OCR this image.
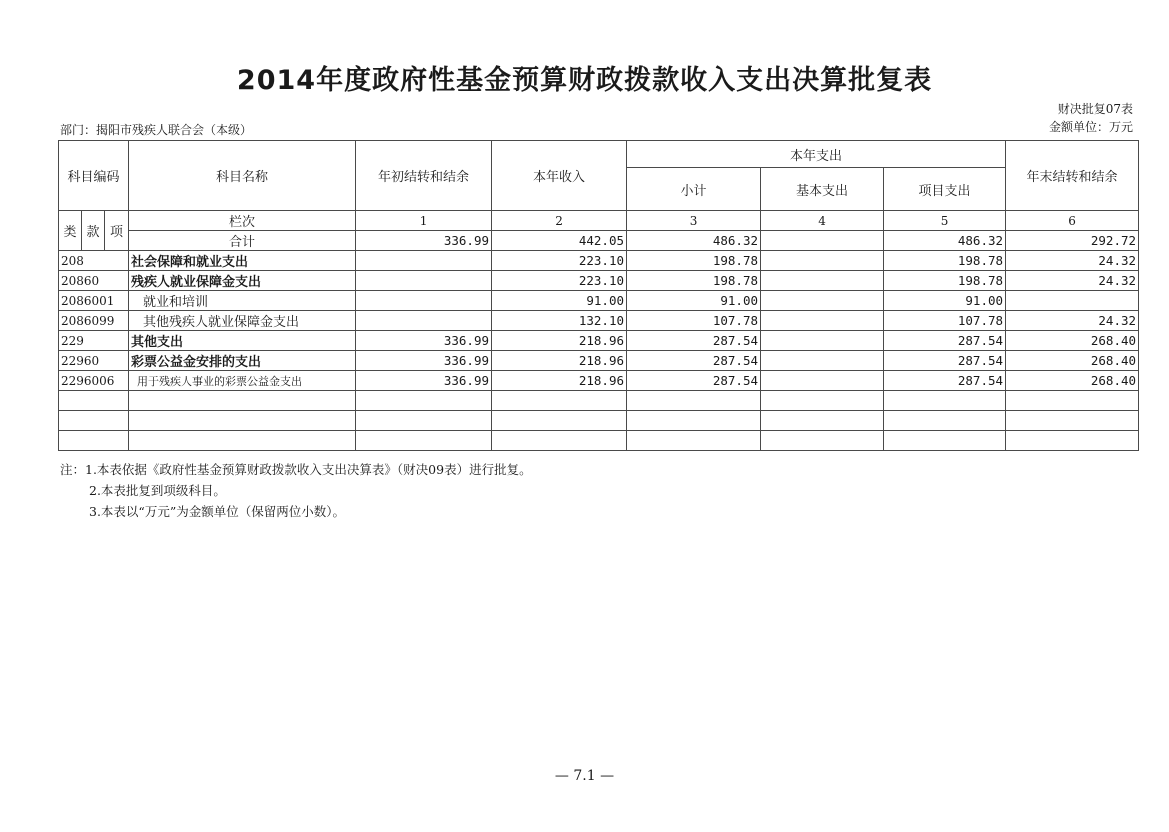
2014年度政府性基金预算财政拨款收入支出决算批复表
财决批复07表
金额单位：万元
部门：揭阳市残疾人联合会（本级）
科目编码			科目名称	年初结转和结余	本年收入	本年支出			年末结转和结余
						小计	基本支出	项目支出	
类	款	项	栏次	1	2	3	4	5	6
			合计	336.99	442.05	486.32		486.32	292.72
208			社会保障和就业支出		223.10	198.78		198.78	24.32
20860			残疾人就业保障金支出		223.10	198.78		198.78	24.32
2086001			就业和培训		91.00	91.00		91.00	
2086099			其他残疾人就业保障金支出		132.10	107.78		107.78	24.32
229			其他支出	336.99	218.96	287.54		287.54	268.40
22960			彩票公益金安排的支出	336.99	218.96	287.54		287.54	268.40
2296006			用于残疾人事业的彩票公益金支出	336.99	218.96	287.54		287.54	268.40

注：1.本表依据《政府性基金预算财政拨款收入支出决算表》（财决09表）进行批复。
2.本表批复到项级科目。
3.本表以“万元”为金额单位（保留两位小数）。
— 7.1 —
